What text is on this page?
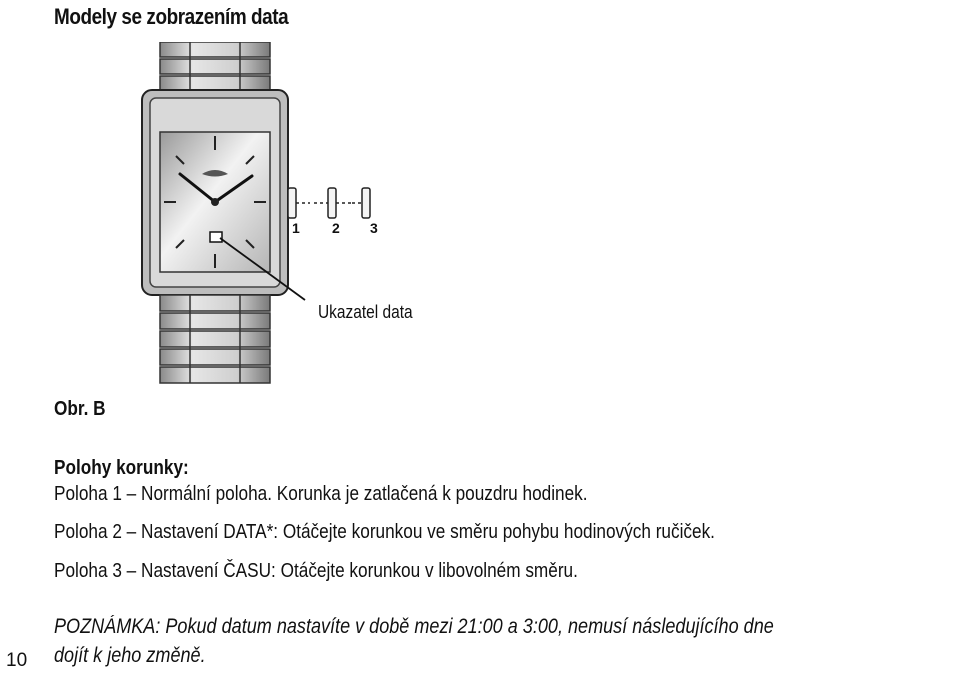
Modely se zobrazením data
1 2 3
Ukazatel data
Obr. B
Polohy korunky:
Poloha 1 – Normální poloha. Korunka je zatlačená k pouzdru hodinek.
Poloha 2 – Nastavení DATA*: Otáčejte korunkou ve směru pohybu hodinových ručiček.
Poloha 3 – Nastavení ČASU: Otáčejte korunkou v libovolném směru.
POZNÁMKA: Pokud datum nastavíte v době mezi 21:00 a 3:00, nemusí následujícího dne
dojít k jeho změně.
10
